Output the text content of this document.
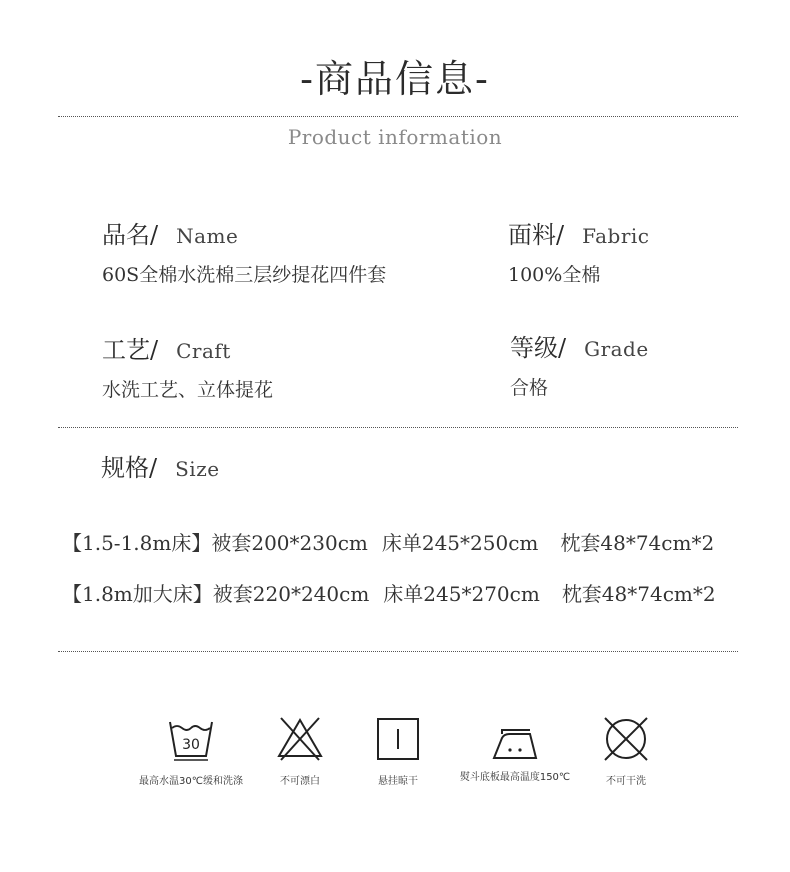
-商品信息-
Product information
品名/ Name
60S全棉水洗棉三层纱提花四件套
面料/ Fabric
100%全棉
工艺/ Craft
水洗工艺、立体提花
等级/ Grade
合格
规格/ Size
【1.5-1.8m床】被套200*230cm 床单245*250cm 枕套48*74cm*2
【1.8m加大床】被套220*240cm 床单245*270cm 枕套48*74cm*2
30
最高水温30℃缓和洗涤	不可漂白	悬挂晾干	熨斗底板最高温度150℃	不可干洗
